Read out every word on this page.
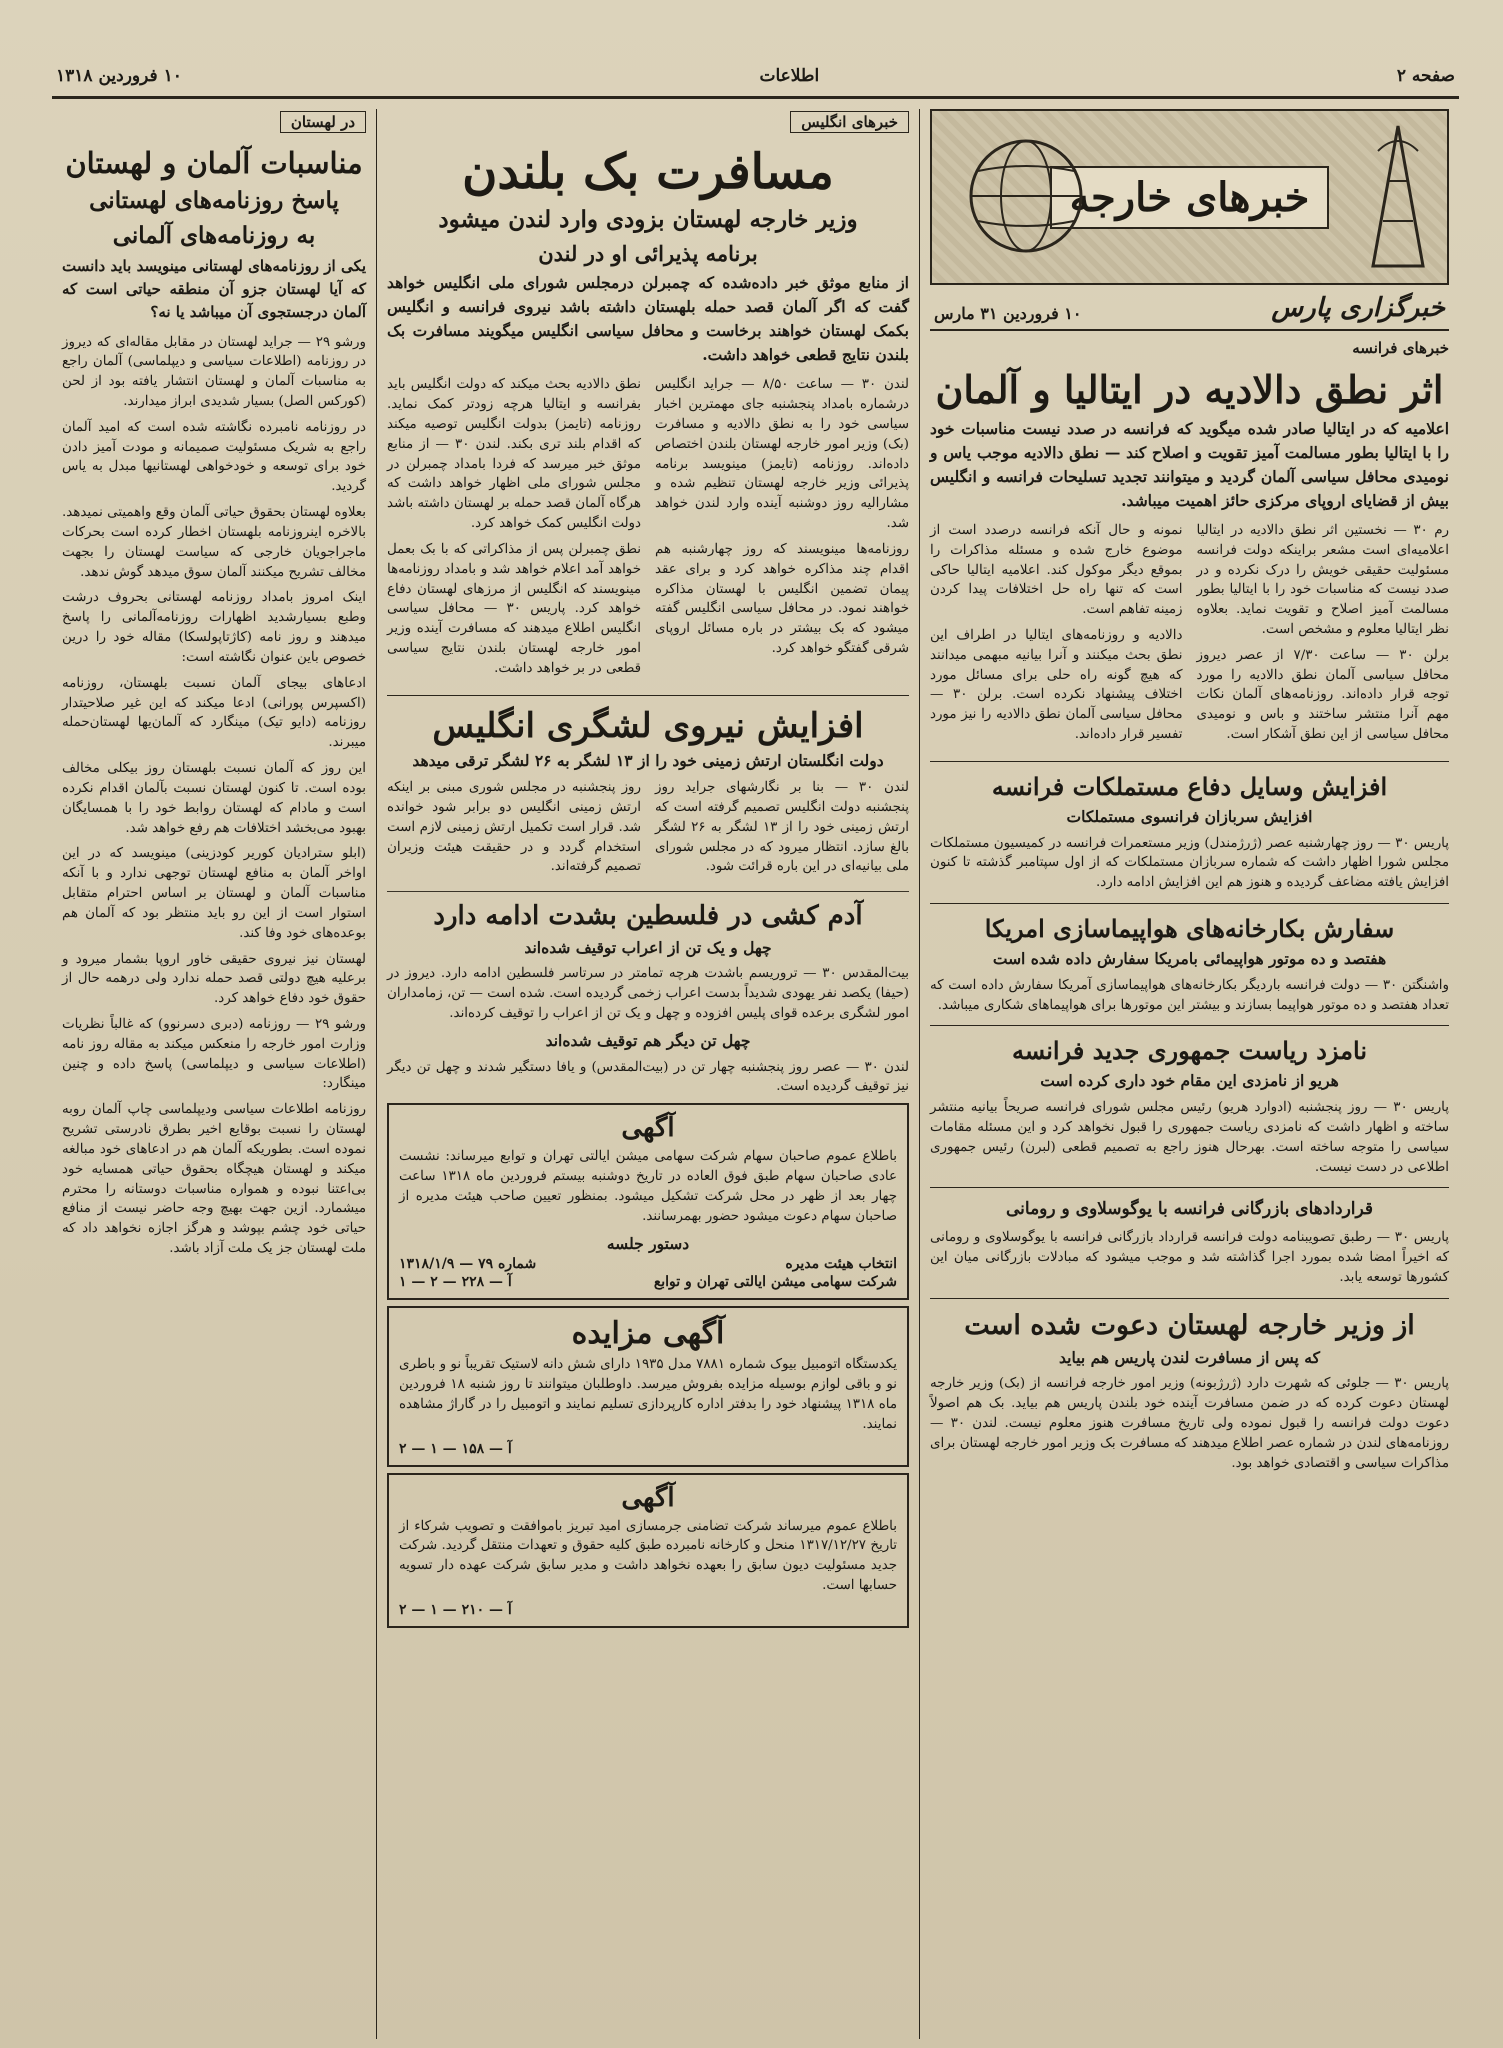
صفحه ۲
اطلاعات
۱۰ فروردین ۱۳۱۸
خبرهای خارجه
خبرگزاری پارس
۱۰ فروردین ۳۱ مارس
خبرهای فرانسه
اثر نطق دالادیه در ایتالیا و آلمان
اعلامیه که در ایتالیا صادر شده میگوید که فرانسه در صدد نیست مناسبات خود را با ایتالیا بطور مسالمت آمیز تقویت و اصلاح کند — نطق دالادیه موجب یاس و نومیدی محافل سیاسی آلمان گردید و میتوانند تجدید تسلیحات فرانسه و انگلیس بیش از قضایای اروپای مرکزی حائز اهمیت میباشد.

رم ۳۰ — نخستین اثر نطق دالادیه در ایتالیا اعلامیه‌ای است مشعر براینکه دولت فرانسه مسئولیت حقیقی خویش را درک نکرده و در صدد نیست که مناسبات خود را با ایتالیا بطور مسالمت آمیز اصلاح و تقویت نماید. بعلاوه نظر ایتالیا معلوم و مشخص است.

برلن ۳۰ — ساعت ۷/۳۰ از عصر دیروز محافل سیاسی آلمان نطق دالادیه را مورد توجه قرار داده‌اند. روزنامه‌های آلمان نکات مهم آنرا منتشر ساختند و باس و نومیدی محافل سیاسی از این نطق آشکار است.

نمونه و حال آنکه فرانسه درصدد است از موضوع خارج شده و مسئله مذاکرات را بموقع دیگر موکول کند. اعلامیه ایتالیا حاکی است که تنها راه حل اختلافات پیدا کردن زمینه تفاهم است.

دالادیه و روزنامه‌های ایتالیا در اطراف این نطق بحث میکنند و آنرا بیانیه مبهمی میدانند که هیچ گونه راه حلی برای مسائل مورد اختلاف پیشنهاد نکرده است. برلن ۳۰ — محافل سیاسی آلمان نطق دالادیه را نیز مورد تفسیر قرار داده‌اند.

افزایش وسایل دفاع مستملکات فرانسه
افزایش سربازان فرانسوی مستملکات

پاریس ۳۰ — روز چهارشنبه عصر (ژرژمندل) وزیر مستعمرات فرانسه در کمیسیون مستملکات مجلس شورا اظهار داشت که شماره سربازان مستملکات که از اول سپتامبر گذشته تا کنون افزایش یافته مضاعف گردیده و هنوز هم این افزایش ادامه دارد.

سفارش بکارخانه‌های هواپیماسازی امریکا
هفتصد و ده موتور هواپیمائی بامریکا سفارش داده شده است

واشنگتن ۳۰ — دولت فرانسه باردیگر بکارخانه‌های هواپیماسازی آمریکا سفارش داده است که تعداد هفتصد و ده موتور هواپیما بسازند و بیشتر این موتورها برای هواپیماهای شکاری میباشد.

نامزد ریاست جمهوری جدید فرانسه
هریو از نامزدی این مقام خود داری کرده است

پاریس ۳۰ — روز پنجشنبه (ادوارد هریو) رئیس مجلس شورای فرانسه صریحاً بیانیه منتشر ساخته و اظهار داشت که نامزدی ریاست جمهوری را قبول نخواهد کرد و این مسئله مقامات سیاسی را متوجه ساخته است. بهرحال هنوز راجع به تصمیم قطعی (لبرن) رئیس جمهوری اطلاعی در دست نیست.

قراردادهای بازرگانی فرانسه با یوگوسلاوی و رومانی

پاریس ۳۰ — رطبق تصویبنامه دولت فرانسه قرارداد بازرگانی فرانسه با یوگوسلاوی و رومانی که اخیراً امضا شده بمورد اجرا گذاشته شد و موجب میشود که مبادلات بازرگانی میان این کشورها توسعه یابد.

از وزیر خارجه لهستان دعوت شده است
که پس از مسافرت لندن پاریس هم بیاید

پاریس ۳۰ — جلوئی که شهرت دارد (ژرژبونه) وزیر امور خارجه فرانسه از (بک) وزیر خارجه لهستان دعوت کرده که در ضمن مسافرت آینده خود بلندن پاریس هم بیاید. بک هم اصولاً دعوت دولت فرانسه را قبول نموده ولی تاریخ مسافرت هنوز معلوم نیست. لندن ۳۰ — روزنامه‌های لندن در شماره عصر اطلاع میدهند که مسافرت بک وزیر امور خارجه لهستان برای مذاکرات سیاسی و اقتصادی خواهد بود.

خبرهای انگلیس
مسافرت بک بلندن
وزیر خارجه لهستان بزودی وارد لندن میشود
برنامه پذیرائی او در لندن
از منابع موثق خبر داده‌شده که چمبرلن درمجلس شورای ملی انگلیس خواهد گفت که اگر آلمان قصد حمله بلهستان داشته باشد نیروی فرانسه و انگلیس بکمک لهستان خواهند برخاست و محافل سیاسی انگلیس میگویند مسافرت بک بلندن نتایج قطعی خواهد داشت.

لندن ۳۰ — ساعت ۸/۵۰ — جراید انگلیس درشماره بامداد پنجشنبه جای مهمترین اخبار سیاسی خود را به نطق دالادیه و مسافرت (بک) وزیر امور خارجه لهستان بلندن اختصاص داده‌اند. روزنامه (تایمز) مینویسد برنامه پذیرائی وزیر خارجه لهستان تنظیم شده و مشارالیه روز دوشنبه آینده وارد لندن خواهد شد.

روزنامه‌ها مینویسند که روز چهارشنبه هم اقدام چند مذاکره خواهد کرد و برای عقد پیمان تضمین انگلیس با لهستان مذاکره خواهند نمود. در محافل سیاسی انگلیس گفته میشود که بک بیشتر در باره مسائل اروپای شرقی گفتگو خواهد کرد.

نطق دالادیه بحث میکند که دولت انگلیس باید بفرانسه و ایتالیا هرچه زودتر کمک نماید. روزنامه (تایمز) بدولت انگلیس توصیه میکند که اقدام بلند تری بکند. لندن ۳۰ — از منابع موثق خبر میرسد که فردا بامداد چمبرلن در مجلس شورای ملی اظهار خواهد داشت که هرگاه آلمان قصد حمله بر لهستان داشته باشد دولت انگلیس کمک خواهد کرد.

نطق چمبرلن پس از مذاکراتی که با بک بعمل خواهد آمد اعلام خواهد شد و بامداد روزنامه‌ها مینویسند که انگلیس از مرزهای لهستان دفاع خواهد کرد. پاریس ۳۰ — محافل سیاسی انگلیس اطلاع میدهند که مسافرت آینده وزیر امور خارجه لهستان بلندن نتایج سیاسی قطعی در بر خواهد داشت.

افزایش نیروی لشگری انگلیس
دولت انگلستان ارتش زمینی خود را از ۱۳ لشگر به ۲۶ لشگر ترقی میدهد

لندن ۳۰ — بنا بر نگارشهای جراید روز پنجشنبه دولت انگلیس تصمیم گرفته است که ارتش زمینی خود را از ۱۳ لشگر به ۲۶ لشگر بالغ سازد. انتظار میرود که در مجلس شورای ملی بیانیه‌ای در این باره قرائت شود.

روز پنجشنبه در مجلس شوری مبنی بر اینکه ارتش زمینی انگلیس دو برابر شود خوانده شد. قرار است تکمیل ارتش زمینی لازم است استخدام گردد و در حقیقت هیئت وزیران تصمیم گرفته‌اند.

آدم کشی در فلسطین بشدت ادامه دارد
چهل و یک تن از اعراب توقیف شده‌اند

بیت‌المقدس ۳۰ — تروریسم باشدت هرچه تمامتر در سرتاسر فلسطین ادامه دارد. دیروز در (حیفا) یکصد نفر یهودی شدیداً بدست اعراب زخمی گردیده است. شده است — تن، زمامداران امور لشگری برعده قوای پلیس افزوده و چهل و یک تن از اعراب را توقیف کرده‌اند.

چهل تن دیگر هم توقیف شده‌اند

لندن ۳۰ — عصر روز پنجشنبه چهار تن در (بیت‌المقدس) و یافا دستگیر شدند و چهل تن دیگر نیز توقیف گردیده است.

آگهی

باطلاع عموم صاحبان سهام شرکت سهامی میشن ایالتی تهران و توابع میرساند: نشست عادی صاحبان سهام طبق فوق العاده در تاریخ دوشنبه بیستم فروردین ماه ۱۳۱۸ ساعت چهار بعد از ظهر در محل شرکت تشکیل میشود. بمنظور تعیین صاحب هیئت مدیره از صاحبان سهام دعوت میشود حضور بهمرسانند.

دستور جلسه
انتخاب هیئت مدیره
شماره ۷۹ — ۱۳۱۸/۱/۹
شرکت سهامی میشن ایالتی تهران و توابع
آ — ۲۲۸ — ۲ — ۱
آگهی مزایده

یکدستگاه اتومبیل بیوک شماره ۷۸۸۱ مدل ۱۹۳۵ دارای شش دانه لاستیک تقریباً نو و باطری نو و باقی لوازم بوسیله مزایده بفروش میرسد. داوطلبان میتوانند تا روز شنبه ۱۸ فروردین ماه ۱۳۱۸ پیشنهاد خود را بدفتر اداره کارپردازی تسلیم نمایند و اتومبیل را در گاراژ مشاهده نمایند.

آ — ۱۵۸ — ۱ — ۲
آگهی

باطلاع عموم میرساند شرکت تضامنی جرمسازی امید تبریز باموافقت و تصویب شرکاء از تاریخ ۱۳۱۷/۱۲/۲۷ منحل و کارخانه نامبرده طبق کلیه حقوق و تعهدات منتقل گردید. شرکت جدید مسئولیت دیون سابق را بعهده نخواهد داشت و مدیر سابق شرکت عهده دار تسویه حسابها است.

آ — ۲۱۰ — ۱ — ۲
در لهستان
مناسبات آلمان و لهستان
پاسخ روزنامه‌های لهستانی
به روزنامه‌های آلمانی
یکی از روزنامه‌های لهستانی مینویسد باید دانست که آیا لهستان جزو آن منطقه حیاتی است که آلمان درجستجوی آن میباشد یا نه؟

ورشو ۲۹ — جراید لهستان در مقابل مقاله‌ای که دیروز در روزنامه (اطلاعات سیاسی و دیپلماسی) آلمان راجع به مناسبات آلمان و لهستان انتشار یافته بود از لحن (کورکس الصل) بسیار شدیدی ابراز میدارند.

در روزنامه نامبرده نگاشته شده است که امید آلمان راجع به شریک مسئولیت صمیمانه و مودت آمیز دادن خود برای توسعه و خودخواهی لهستانیها مبدل به یاس گردید.

بعلاوه لهستان بحقوق حیاتی آلمان وقع واهمیتی نمیدهد. بالاخره اینروزنامه بلهستان اخطار کرده است بحرکات ماجراجویان خارجی که سیاست لهستان را بجهت مخالف تشریح میکنند آلمان سوق میدهد گوش ندهد.

اینک امروز بامداد روزنامه لهستانی بحروف درشت وطبع بسیارشدید اظهارات روزنامه‌آلمانی را پاسخ میدهند و روز نامه (کاژتاپولسکا) مقاله خود را درین خصوص باین عنوان نگاشته است:

ادعاهای بیجای آلمان نسبت بلهستان، روزنامه (اکسپرس پورانی) ادعا میکند که این غیر صلاحیتدار روزنامه (دایو تیک) مینگارد که آلمان‌یها لهستان‌حمله میبرند.

این روز که آلمان نسبت بلهستان روز بیکلی مخالف بوده است. تا کنون لهستان نسبت بآلمان اقدام نکرده است و مادام که لهستان روابط خود را با همسایگان بهبود می‌بخشد اختلافات هم رفع خواهد شد.

(ابلو سترادیان کوریر کودزینی) مینویسد که در این اواخر آلمان به منافع لهستان توجهی ندارد و با آنکه مناسبات آلمان و لهستان بر اساس احترام متقابل استوار است از این رو باید منتظر بود که آلمان هم بوعده‌های خود وفا کند.

لهستان نیز نیروی حقیقی خاور اروپا بشمار میرود و برعلیه هیچ دولتی قصد حمله ندارد ولی درهمه حال از حقوق خود دفاع خواهد کرد.

ورشو ۲۹ — روزنامه (دبری دسرنوو) که غالباً نظریات وزارت امور خارجه را منعکس میکند به مقاله روز نامه (اطلاعات سیاسی و دیپلماسی) پاسخ داده و چنین مینگارد:

روزنامه اطلاعات سیاسی ودیپلماسی چاپ آلمان روبه لهستان را نسبت بوقایع اخیر بطرق نادرستی تشریح نموده است. بطوریکه آلمان هم در ادعاهای خود مبالغه میکند و لهستان هیچگاه بحقوق حیاتی همسایه خود بی‌اعتنا نبوده و همواره مناسبات دوستانه را محترم میشمارد. ازین جهت بهیچ وجه حاضر نیست از منافع حیاتی خود چشم بپوشد و هرگز اجازه نخواهد داد که ملت لهستان جز یک ملت آزاد باشد.
